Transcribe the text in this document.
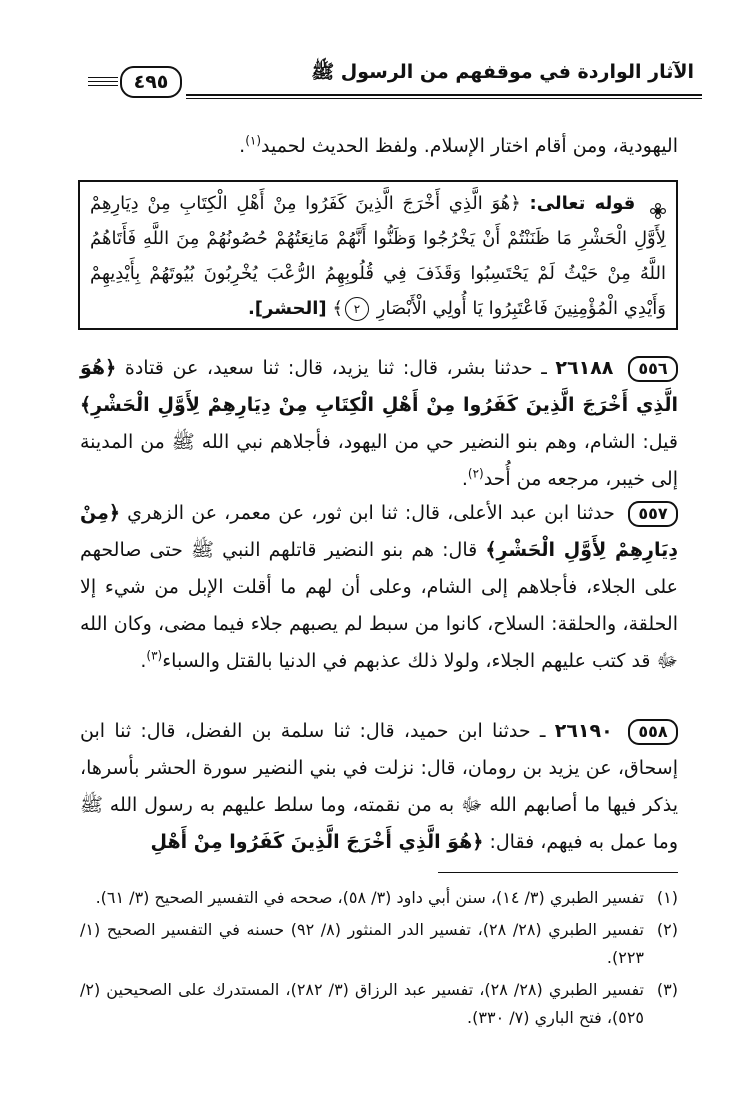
الآثار الواردة في موقفهم من الرسول ﷺ
٤٩٥
اليهودية، ومن أقام اختار الإسلام. ولفظ الحديث لحميد$^{(١)}$.
قوله تعالى: ﴿هُوَ الَّذِي أَخْرَجَ الَّذِينَ كَفَرُوا مِنْ أَهْلِ الْكِتَابِ مِنْ دِيَارِهِمْ لِأَوَّلِ الْحَشْرِ مَا ظَنَنْتُمْ أَنْ يَخْرُجُوا وَظَنُّوا أَنَّهُمْ مَانِعَتُهُمْ حُصُونُهُمْ مِنَ اللَّهِ فَأَتَاهُمُ اللَّهُ مِنْ حَيْثُ لَمْ يَحْتَسِبُوا وَقَذَفَ فِي قُلُوبِهِمُ الرُّعْبَ يُخْرِبُونَ بُيُوتَهُمْ بِأَيْدِيهِمْ وَأَيْدِي الْمُؤْمِنِينَ فَاعْتَبِرُوا يَا أُولِي الْأَبْصَارِ ٢﴾ [الحشر].
٥٥٦ ٢٦١٨٨ ـ حدثنا بشر، قال: ثنا يزيد، قال: ثنا سعيد، عن قتادة ﴿هُوَ الَّذِي أَخْرَجَ الَّذِينَ كَفَرُوا مِنْ أَهْلِ الْكِتَابِ مِنْ دِيَارِهِمْ لِأَوَّلِ الْحَشْرِ﴾ قيل: الشام، وهم بنو النضير حي من اليهود، فأجلاهم نبي الله ﷺ من المدينة إلى خيبر، مرجعه من أُحد$^{(٢)}$.
٥٥٧ حدثنا ابن عبد الأعلى، قال: ثنا ابن ثور، عن معمر، عن الزهري ﴿مِنْ دِيَارِهِمْ لِأَوَّلِ الْحَشْرِ﴾ قال: هم بنو النضير قاتلهم النبي ﷺ حتى صالحهم على الجلاء، فأجلاهم إلى الشام، وعلى أن لهم ما أقلت الإبل من شيء إلا الحلقة، والحلقة: السلاح، كانوا من سبط لم يصبهم جلاء فيما مضى، وكان الله ﷻ قد كتب عليهم الجلاء، ولولا ذلك عذبهم في الدنيا بالقتل والسباء$^{(٣)}$.
٥٥٨ ٢٦١٩٠ ـ حدثنا ابن حميد، قال: ثنا سلمة بن الفضل، قال: ثنا ابن إسحاق، عن يزيد بن رومان، قال: نزلت في بني النضير سورة الحشر بأسرها، يذكر فيها ما أصابهم الله ﷻ به من نقمته، وما سلط عليهم به رسول الله ﷺ وما عمل به فيهم، فقال: ﴿هُوَ الَّذِي أَخْرَجَ الَّذِينَ كَفَرُوا مِنْ أَهْلِ
(١)
تفسير الطبري (٣/ ١٤)، سنن أبي داود (٣/ ٥٨)، صححه في التفسير الصحيح (٣/ ٦١).
(٢)
تفسير الطبري (٢٨/ ٢٨)، تفسير الدر المنثور (٨/ ٩٢) حسنه في التفسير الصحيح (١/ ٢٢٣).
(٣)
تفسير الطبري (٢٨/ ٢٨)، تفسير عبد الرزاق (٣/ ٢٨٢)، المستدرك على الصحيحين (٢/ ٥٢٥)، فتح الباري (٧/ ٣٣٠).
